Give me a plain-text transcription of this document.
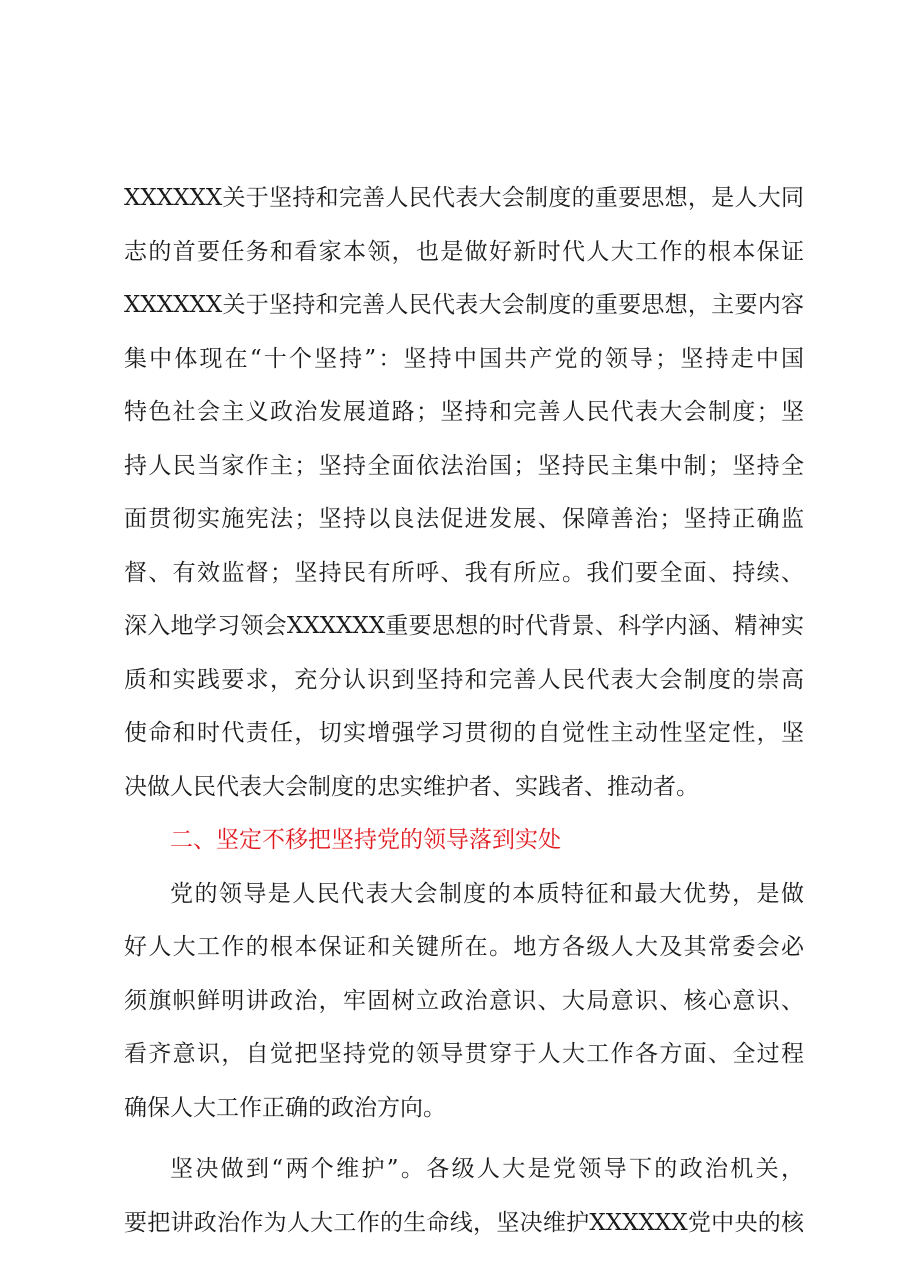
XXXXXX关于坚持和完善人民代表大会制度的重要思想，是人大同
志的首要任务和看家本领，也是做好新时代人大工作的根本保证
XXXXXX关于坚持和完善人民代表大会制度的重要思想，主要内容
集中体现在“十个坚持”：坚持中国共产党的领导；坚持走中国
特色社会主义政治发展道路；坚持和完善人民代表大会制度；坚
持人民当家作主；坚持全面依法治国；坚持民主集中制；坚持全
面贯彻实施宪法；坚持以良法促进发展、保障善治；坚持正确监
督、有效监督；坚持民有所呼、我有所应。我们要全面、持续、
深入地学习领会XXXXXX重要思想的时代背景、科学内涵、精神实
质和实践要求，充分认识到坚持和完善人民代表大会制度的崇高
使命和时代责任，切实增强学习贯彻的自觉性主动性坚定性，坚
决做人民代表大会制度的忠实维护者、实践者、推动者。
二、坚定不移把坚持党的领导落到实处
党的领导是人民代表大会制度的本质特征和最大优势，是做
好人大工作的根本保证和关键所在。地方各级人大及其常委会必
须旗帜鲜明讲政治，牢固树立政治意识、大局意识、核心意识、
看齐意识，自觉把坚持党的领导贯穿于人大工作各方面、全过程
确保人大工作正确的政治方向。
坚决做到“两个维护”。各级人大是党领导下的政治机关，
要把讲政治作为人大工作的生命线，坚决维护XXXXXX党中央的核
